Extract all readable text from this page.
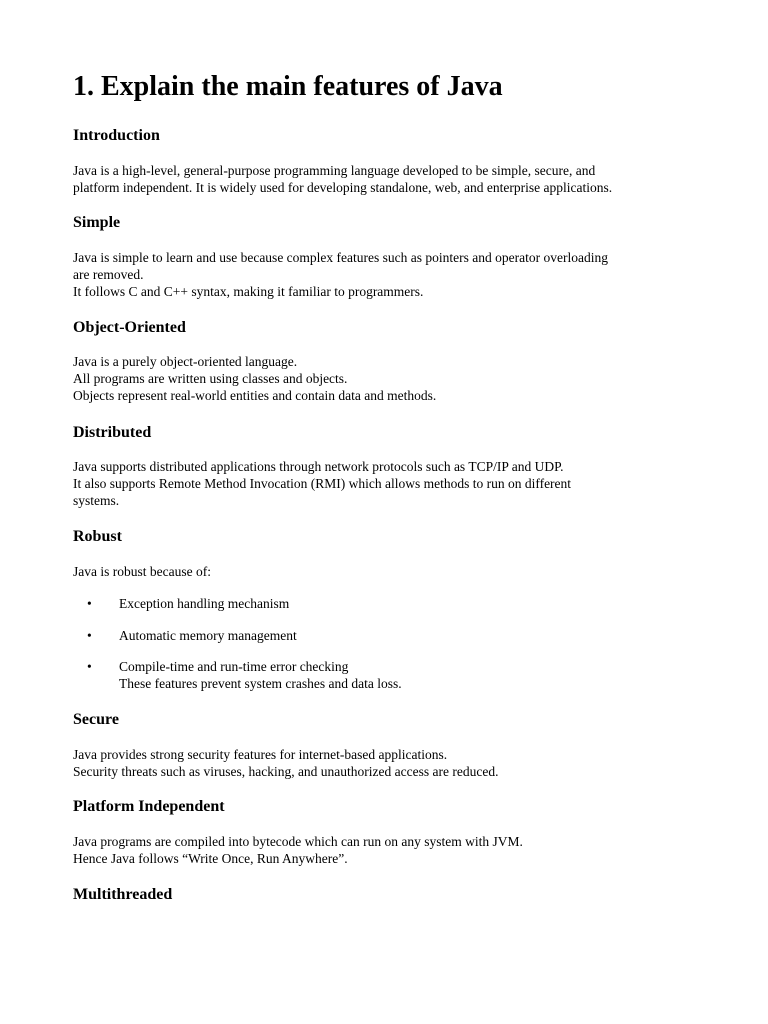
1. Explain the main features of Java
Introduction

Java is a high-level, general-purpose programming language developed to be simple, secure, and
platform independent. It is widely used for developing standalone, web, and enterprise applications.

Simple

Java is simple to learn and use because complex features such as pointers and operator overloading
are removed.
It follows C and C++ syntax, making it familiar to programmers.

Object-Oriented

Java is a purely object-oriented language.
All programs are written using classes and objects.
Objects represent real-world entities and contain data and methods.

Distributed

Java supports distributed applications through network protocols such as TCP/IP and UDP.
It also supports Remote Method Invocation (RMI) which allows methods to run on different
systems.

Robust

Java is robust because of:

• Exception handling mechanism
• Automatic memory management
• Compile-time and run-time error checking
These features prevent system crashes and data loss.
Secure

Java provides strong security features for internet-based applications.
Security threats such as viruses, hacking, and unauthorized access are reduced.

Platform Independent

Java programs are compiled into bytecode which can run on any system with JVM.
Hence Java follows “Write Once, Run Anywhere”.

Multithreaded
